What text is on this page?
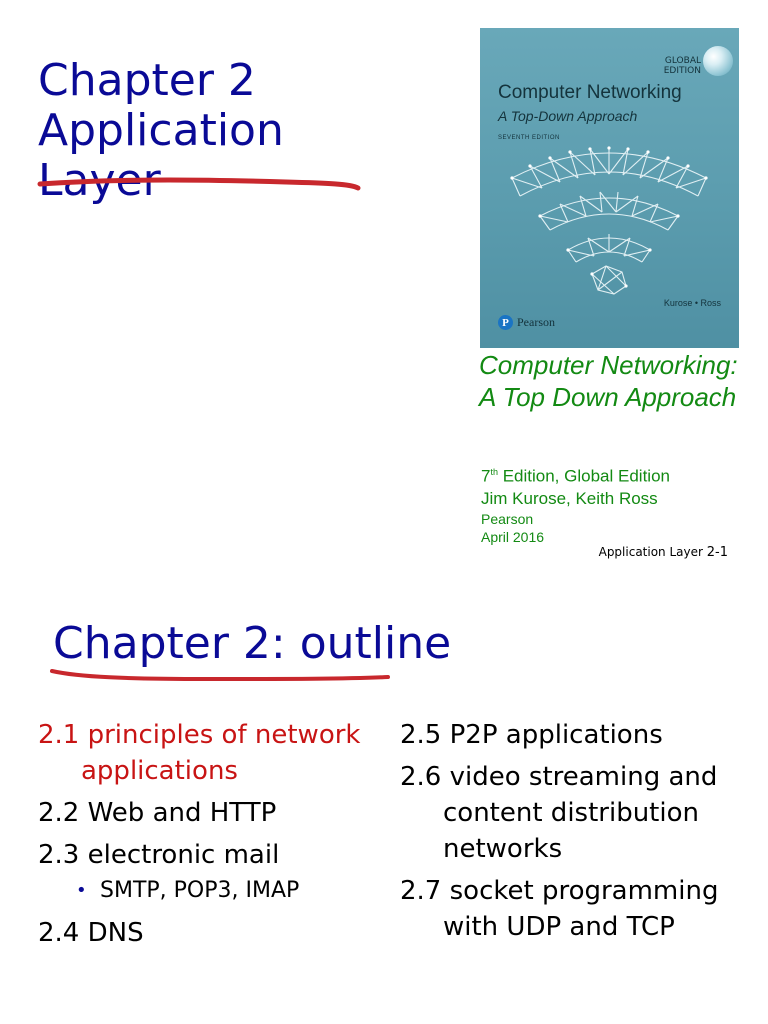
Chapter 2
Application
Layer
GLOBAL
EDITION
Computer Networking
A Top-Down Approach
SEVENTH EDITION
Kurose • Ross
P Pearson
Computer Networking: A Top Down Approach
7th Edition, Global Edition
Jim Kurose, Keith Ross
Pearson
April 2016
Application Layer 2-1
Chapter 2: outline
2.1 principles of network applications
2.2 Web and HTTP
2.3 electronic mail
• SMTP, POP3, IMAP
2.4 DNS
2.5 P2P applications
2.6 video streaming and content distribution networks
2.7 socket programming with UDP and TCP
